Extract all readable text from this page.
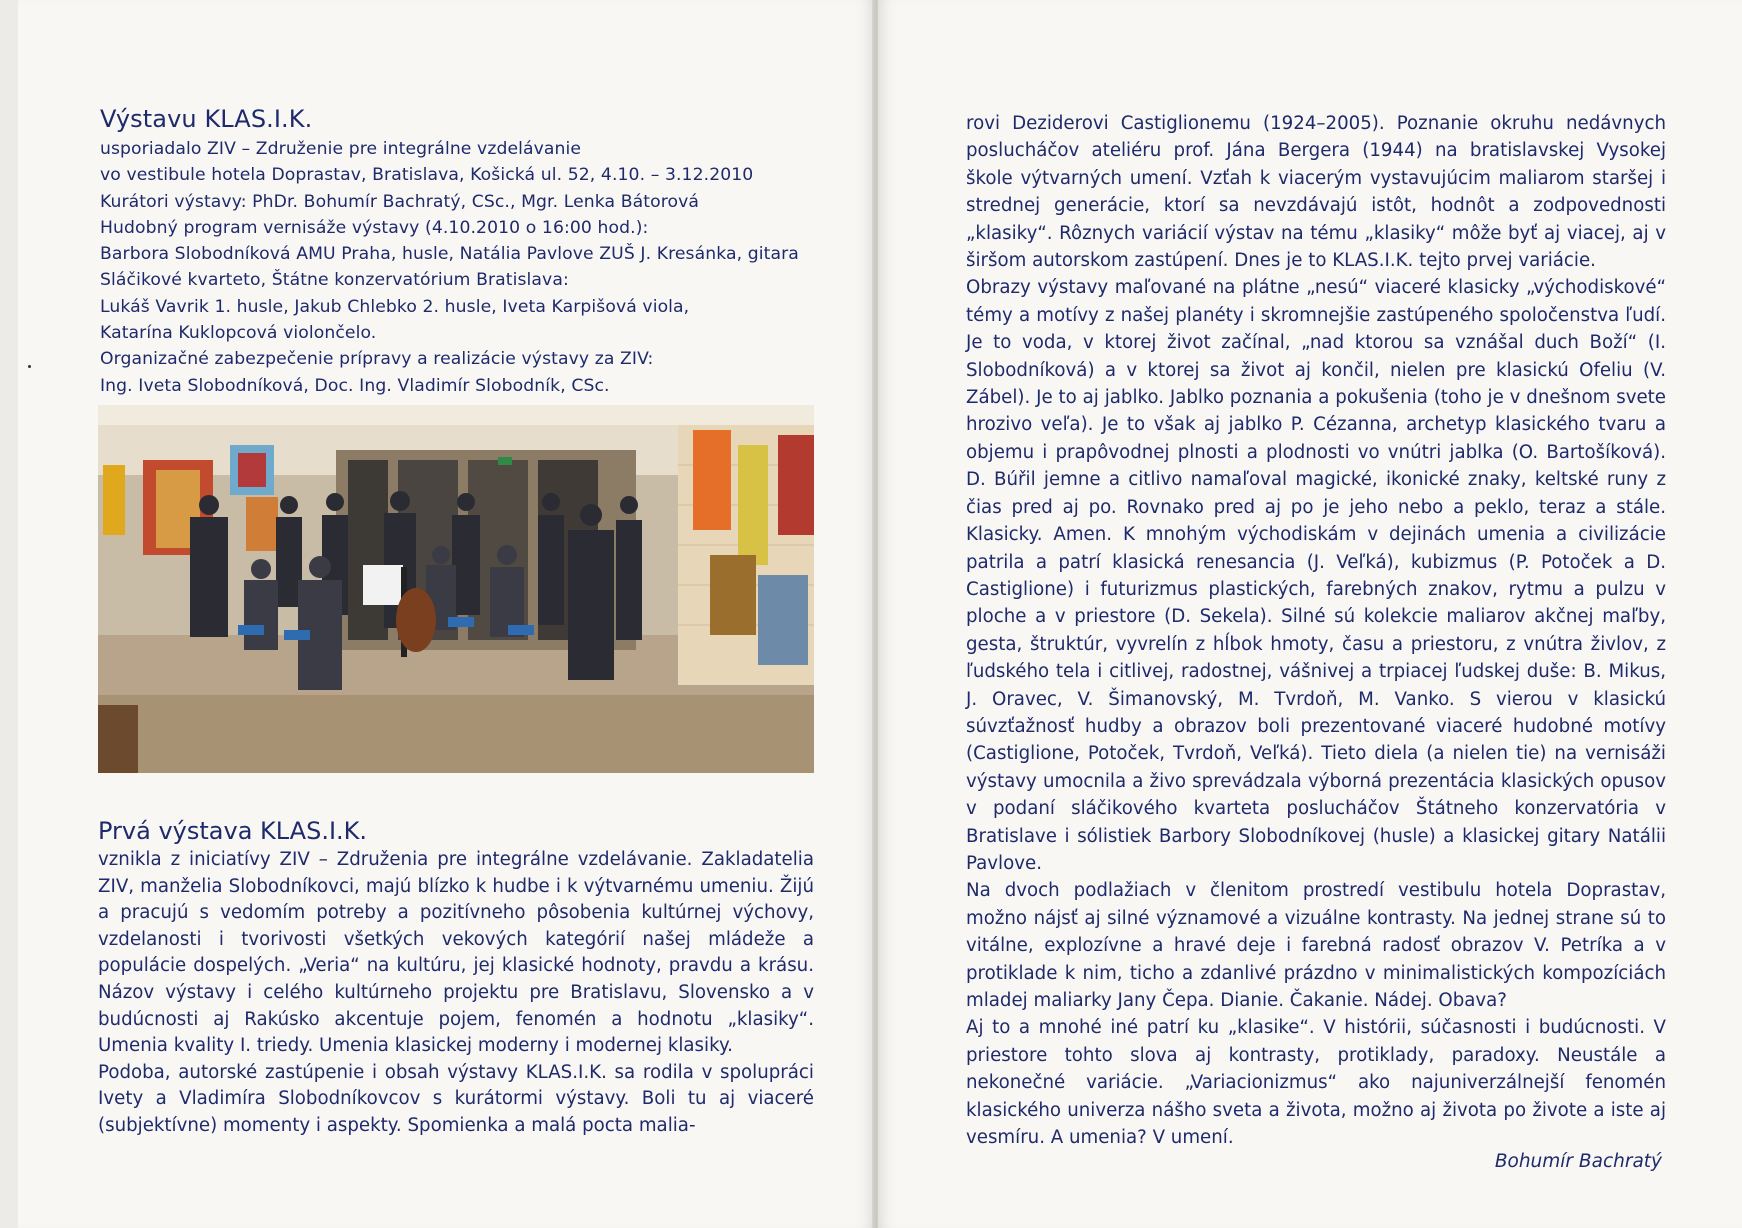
Výstavu KLAS.I.K.
usporiadalo ZIV – Združenie pre integrálne vzdelávanie
vo vestibule hotela Doprastav, Bratislava, Košická ul. 52, 4.10. – 3.12.2010
Kurátori výstavy: PhDr. Bohumír Bachratý, CSc., Mgr. Lenka Bátorová
Hudobný program vernisáže výstavy (4.10.2010 o 16:00 hod.):
Barbora Slobodníková AMU Praha, husle, Natália Pavlove ZUŠ J. Kresánka, gitara
Sláčikové kvarteto, Štátne konzervatórium Bratislava:
Lukáš Vavrik 1. husle, Jakub Chlebko 2. husle, Iveta Karpišová viola,
Katarína Kuklopcová violončelo.
Organizačné zabezpečenie prípravy a realizácie výstavy za ZIV:
Ing. Iveta Slobodníková, Doc. Ing. Vladimír Slobodník, CSc.
Prvá výstava KLAS.I.K.

vznikla z iniciatívy ZIV – Združenia pre integrálne vzdelávanie. Zakladatelia ZIV, manželia Slobodníkovci, majú blízko k hudbe i k výtvarnému umeniu. Žijú a pracujú s vedomím potreby a pozitívneho pôsobenia kultúrnej výchovy, vzdelanosti i tvorivosti všetkých vekových kategórií našej mládeže a populácie dospelých. „Veria“ na kultúru, jej klasické hodnoty, pravdu a krásu. Názov výstavy i celého kultúrneho projektu pre Bratislavu, Slovensko a v budúcnosti aj Rakúsko akcentuje pojem, fenomén a hodnotu „klasiky“. Umenia kvality I. triedy. Umenia klasickej moderny i modernej klasiky.

Podoba, autorské zastúpenie i obsah výstavy KLAS.I.K. sa rodila v spolupráci Ivety a Vladimíra Slobodníkovcov s kurátormi výstavy. Boli tu aj viaceré (subjektívne) momenty i aspekty. Spomienka a malá pocta malia-

rovi Deziderovi Castiglionemu (1924–2005). Poznanie okruhu nedávnych poslucháčov ateliéru prof. Jána Bergera (1944) na bratislavskej Vysokej škole výtvarných umení. Vzťah k viacerým vystavujúcim maliarom staršej i strednej generácie, ktorí sa nevzdávajú istôt, hodnôt a zodpovednosti „klasiky“. Rôznych variácií výstav na tému „klasiky“ môže byť aj viacej, aj v širšom autorskom zastúpení. Dnes je to KLAS.I.K. tejto prvej variácie.

Obrazy výstavy maľované na plátne „nesú“ viaceré klasicky „východiskové“ témy a motívy z našej planéty i skromnejšie zastúpeného spoločenstva ľudí. Je to voda, v ktorej život začínal, „nad ktorou sa vznášal duch Boží“ (I. Slobodníková) a v ktorej sa život aj končil, nielen pre klasickú Ofeliu (V. Zábel). Je to aj jablko. Jablko poznania a pokušenia (toho je v dnešnom svete hrozivo veľa). Je to však aj jablko P. Cézanna, archetyp klasického tvaru a objemu i prapôvodnej plnosti a plodnosti vo vnútri jablka (O. Bartošíková). D. Búřil jemne a citlivo namaľoval magické, ikonické znaky, keltské runy z čias pred aj po. Rovnako pred aj po je jeho nebo a peklo, teraz a stále. Klasicky. Amen. K mnohým východiskám v dejinách umenia a civilizácie patrila a patrí klasická renesancia (J. Veľká), kubizmus (P. Potoček a D. Castiglione) i futurizmus plastických, farebných znakov, rytmu a pulzu v ploche a v priestore (D. Sekela). Silné sú kolekcie maliarov akčnej maľby, gesta, štruktúr, vyvrelín z hĺbok hmoty, času a priestoru, z vnútra živlov, z ľudského tela i citlivej, radostnej, vášnivej a trpiacej ľudskej duše: B. Mikus, J. Oravec, V. Šimanovský, M. Tvrdoň, M. Vanko. S vierou v klasickú súvzťažnosť hudby a obrazov boli prezentované viaceré hudobné motívy (Castiglione, Potoček, Tvrdoň, Veľká). Tieto diela (a nielen tie) na vernisáži výstavy umocnila a živo sprevádzala výborná prezentácia klasických opusov v podaní sláčikového kvarteta poslucháčov Štátneho konzervatória v Bratislave i sólistiek Barbory Slobodníkovej (husle) a klasickej gitary Natálii Pavlove.

Na dvoch podlažiach v členitom prostredí vestibulu hotela Doprastav, možno nájsť aj silné významové a vizuálne kontrasty. Na jednej strane sú to vitálne, explozívne a hravé deje i farebná radosť obrazov V. Petríka a v protiklade k nim, ticho a zdanlivé prázdno v minimalistických kompozíciách mladej maliarky Jany Čepa. Dianie. Čakanie. Nádej. Obava?

Aj to a mnohé iné patrí ku „klasike“. V histórii, súčasnosti i budúcnosti. V priestore tohto slova aj kontrasty, protiklady, paradoxy. Neustále a nekonečné variácie. „Variacionizmus“ ako najuniverzálnejší fenomén klasického univerza nášho sveta a života, možno aj života po živote a iste aj vesmíru. A umenia? V umení.

Bohumír Bachratý
